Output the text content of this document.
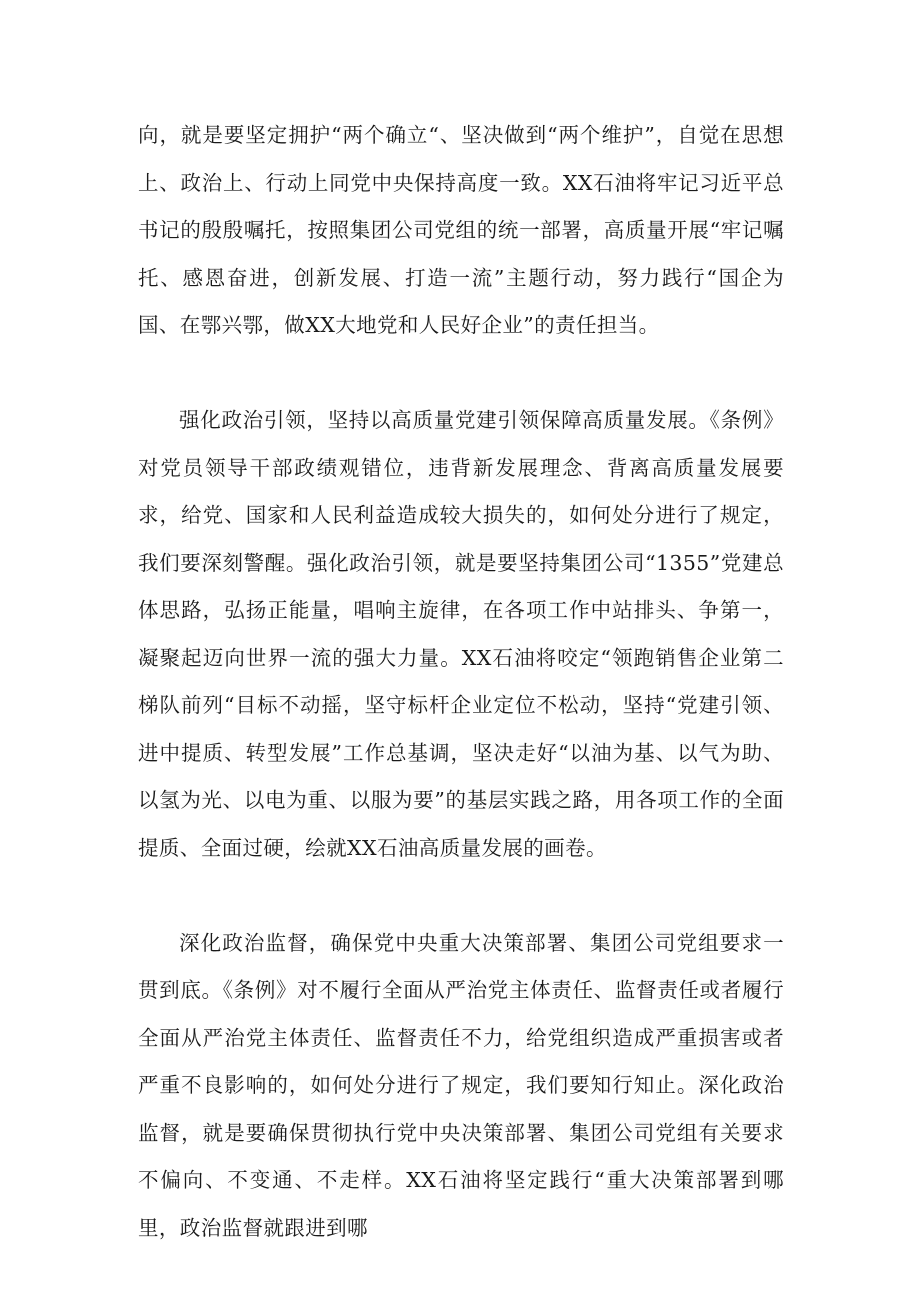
向，就是要坚定拥护“两个确立“、坚决做到“两个维护”，自觉在思想上、政治上、行动上同党中央保持高度一致。XX石油将牢记习近平总书记的殷殷嘱托，按照集团公司党组的统一部署，高质量开展“牢记嘱托、感恩奋进，创新发展、打造一流”主题行动，努力践行“国企为国、在鄂兴鄂，做XX大地党和人民好企业”的责任担当。

强化政治引领，坚持以高质量党建引领保障高质量发展。《条例》对党员领导干部政绩观错位，违背新发展理念、背离高质量发展要求，给党、国家和人民利益造成较大损失的，如何处分进行了规定，我们要深刻警醒。强化政治引领，就是要坚持集团公司“1355”党建总体思路，弘扬正能量，唱响主旋律，在各项工作中站排头、争第一，凝聚起迈向世界一流的强大力量。XX石油将咬定“领跑销售企业第二梯队前列“目标不动摇，坚守标杆企业定位不松动，坚持“党建引领、进中提质、转型发展”工作总基调，坚决走好“以油为基、以气为助、以氢为光、以电为重、以服为要”的基层实践之路，用各项工作的全面提质、全面过硬，绘就XX石油高质量发展的画卷。

深化政治监督，确保党中央重大决策部署、集团公司党组要求一贯到底。《条例》对不履行全面从严治党主体责任、监督责任或者履行全面从严治党主体责任、监督责任不力，给党组织造成严重损害或者严重不良影响的，如何处分进行了规定，我们要知行知止。深化政治监督，就是要确保贯彻执行党中央决策部署、集团公司党组有关要求不偏向、不变通、不走样。XX石油将坚定践行“重大决策部署到哪里，政治监督就跟进到哪
